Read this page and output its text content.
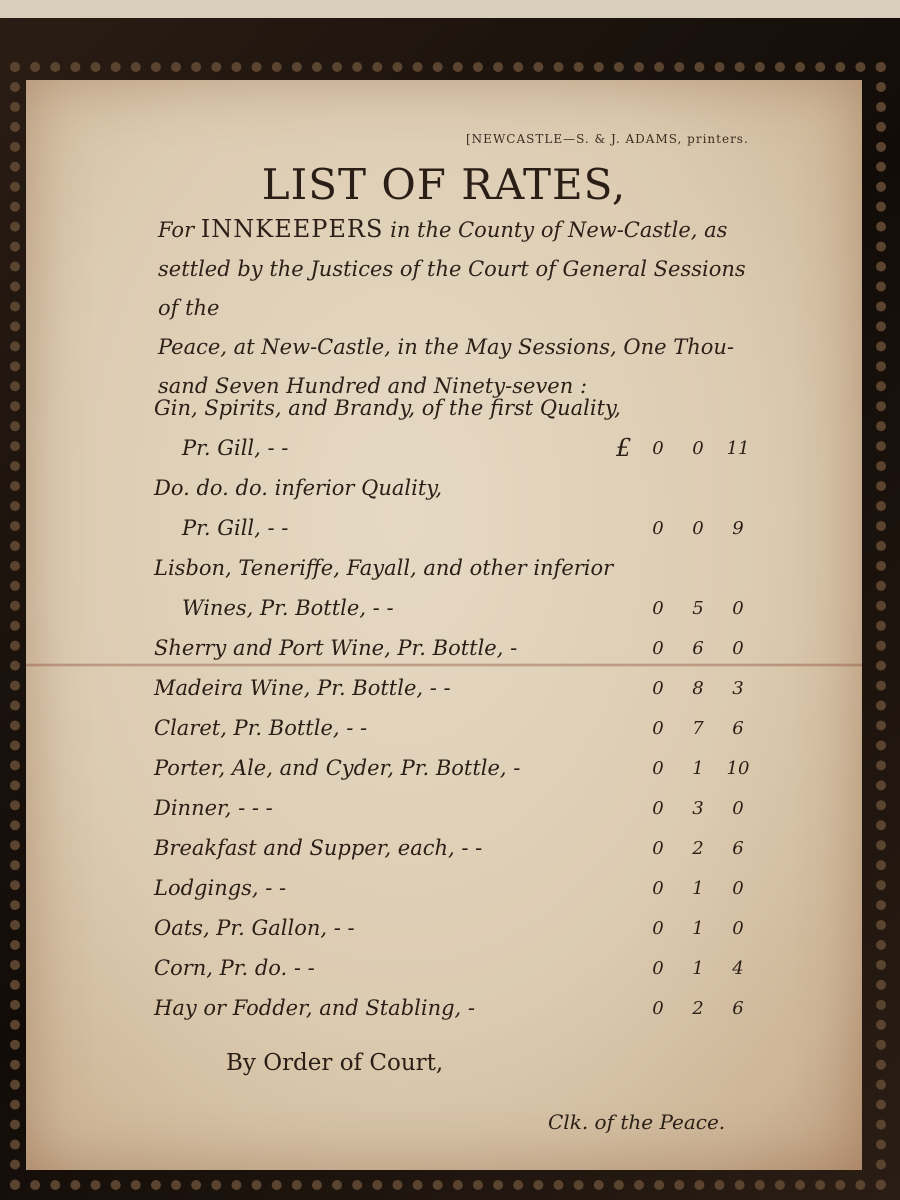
[NEWCASTLE—S. & J. ADAMS, printers.
LIST OF RATES,
For INNKEEPERS in the County of New-Castle, as
settled by the Justices of the Court of General Sessions of the
Peace, at New-Castle, in the May Sessions, One Thou-
sand Seven Hundred and Ninety-seven :
Gin, Spirits, and Brandy, of the first Quality,
Pr. Gill, - -	£	0	0	11
Do. do. do. inferior Quality,
Pr. Gill, - -	0	0	9
Lisbon, Teneriffe, Fayall, and other inferior
Wines, Pr. Bottle, - -	0	5	0
Sherry and Port Wine, Pr. Bottle, -	0	6	0
Madeira Wine, Pr. Bottle, - -	0	8	3
Claret, Pr. Bottle, - -	0	7	6
Porter, Ale, and Cyder, Pr. Bottle, -	0	1	10
Dinner, - - -	0	3	0
Breakfast and Supper, each, - -	0	2	6
Lodgings, - -	0	1	0
Oats, Pr. Gallon, - -	0	1	0
Corn, Pr. do. - -	0	1	4
Hay or Fodder, and Stabling, -	0	2	6
By Order of Court,
Clk. of the Peace.
